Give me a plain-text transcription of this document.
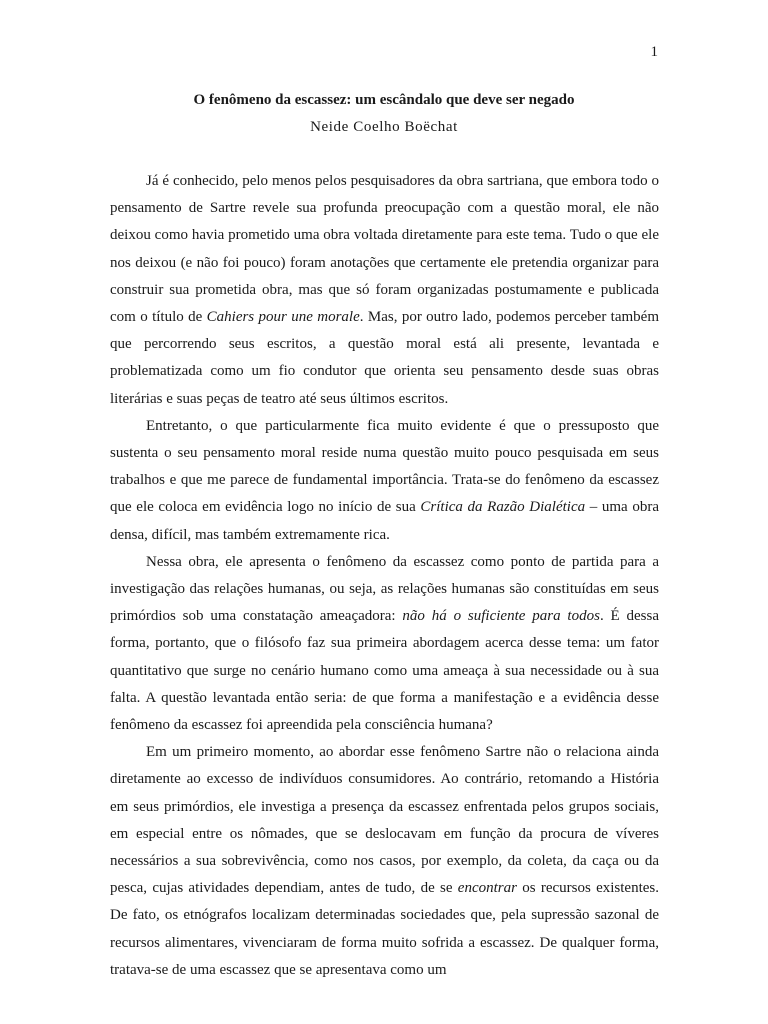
1
O fenômeno da escassez: um escândalo que deve ser negado
Neide Coelho Boëchat

Já é conhecido, pelo menos pelos pesquisadores da obra sartriana, que embora todo o pensamento de Sartre revele sua profunda preocupação com a questão moral, ele não deixou como havia prometido uma obra voltada diretamente para este tema. Tudo o que ele nos deixou (e não foi pouco) foram anotações que certamente ele pretendia organizar para construir sua prometida obra, mas que só foram organizadas postumamente e publicada com o título de Cahiers pour une morale. Mas, por outro lado, podemos perceber também que percorrendo seus escritos, a questão moral está ali presente, levantada e problematizada como um fio condutor que orienta seu pensamento desde suas obras literárias e suas peças de teatro até seus últimos escritos.

Entretanto, o que particularmente fica muito evidente é que o pressuposto que sustenta o seu pensamento moral reside numa questão muito pouco pesquisada em seus trabalhos e que me parece de fundamental importância. Trata-se do fenômeno da escassez que ele coloca em evidência logo no início de sua Crítica da Razão Dialética – uma obra densa, difícil, mas também extremamente rica.

Nessa obra, ele apresenta o fenômeno da escassez como ponto de partida para a investigação das relações humanas, ou seja, as relações humanas são constituídas em seus primórdios sob uma constatação ameaçadora: não há o suficiente para todos. É dessa forma, portanto, que o filósofo faz sua primeira abordagem acerca desse tema: um fator quantitativo que surge no cenário humano como uma ameaça à sua necessidade ou à sua falta. A questão levantada então seria: de que forma a manifestação e a evidência desse fenômeno da escassez foi apreendida pela consciência humana?

Em um primeiro momento, ao abordar esse fenômeno Sartre não o relaciona ainda diretamente ao excesso de indivíduos consumidores. Ao contrário, retomando a História em seus primórdios, ele investiga a presença da escassez enfrentada pelos grupos sociais, em especial entre os nômades, que se deslocavam em função da procura de víveres necessários a sua sobrevivência, como nos casos, por exemplo, da coleta, da caça ou da pesca, cujas atividades dependiam, antes de tudo, de se encontrar os recursos existentes. De fato, os etnógrafos localizam determinadas sociedades que, pela supressão sazonal de recursos alimentares, vivenciaram de forma muito sofrida a escassez. De qualquer forma, tratava-se de uma escassez que se apresentava como um
